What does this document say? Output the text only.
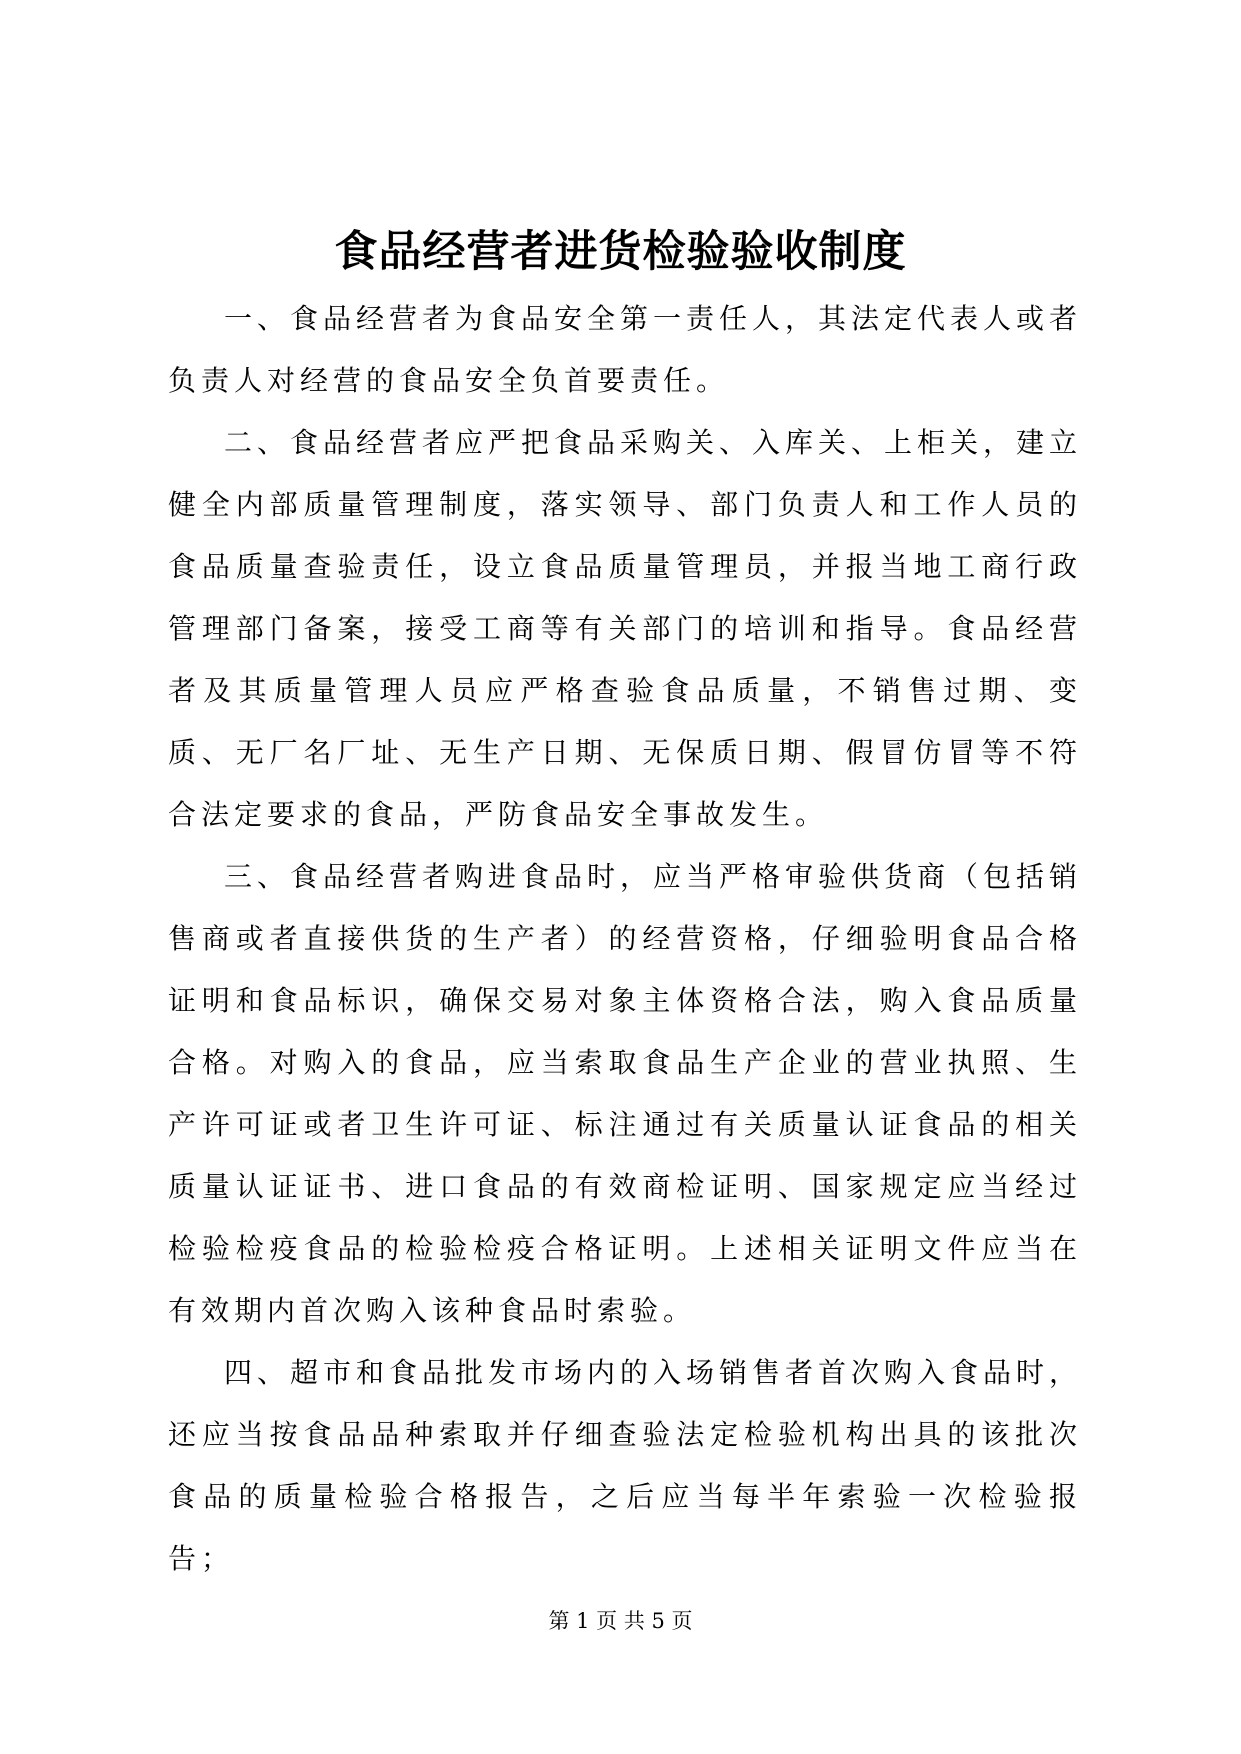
食品经营者进货检验验收制度

一、食品经营者为食品安全第一责任人，其法定代表人或者负责人对经营的食品安全负首要责任。

二、食品经营者应严把食品采购关、入库关、上柜关，建立健全内部质量管理制度，落实领导、部门负责人和工作人员的食品质量查验责任，设立食品质量管理员，并报当地工商行政管理部门备案，接受工商等有关部门的培训和指导。食品经营者及其质量管理人员应严格查验食品质量，不销售过期、变质、无厂名厂址、无生产日期、无保质日期、假冒仿冒等不符合法定要求的食品，严防食品安全事故发生。

三、食品经营者购进食品时，应当严格审验供货商（包括销售商或者直接供货的生产者）的经营资格，仔细验明食品合格证明和食品标识，确保交易对象主体资格合法，购入食品质量合格。对购入的食品，应当索取食品生产企业的营业执照、生产许可证或者卫生许可证、标注通过有关质量认证食品的相关质量认证证书、进口食品的有效商检证明、国家规定应当经过检验检疫食品的检验检疫合格证明。上述相关证明文件应当在有效期内首次购入该种食品时索验。

四、超市和食品批发市场内的入场销售者首次购入食品时，还应当按食品品种索取并仔细查验法定检验机构出具的该批次食品的质量检验合格报告，之后应当每半年索验一次检验报告；

第 1 页 共 5 页
